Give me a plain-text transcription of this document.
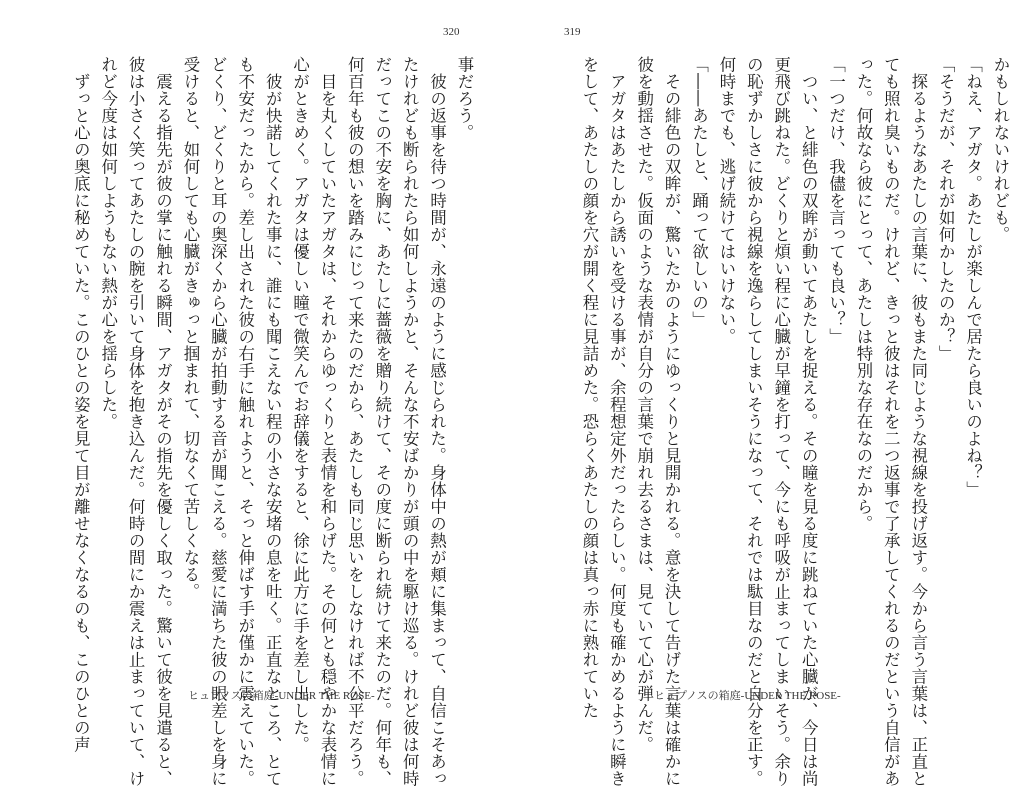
320
事だろう。
　彼の返事を待つ時間が、永遠のように感じられた。身体中の熱が頬に集まって、自信こそあっ
たけれども断られたら如何しようかと、そんな不安ばかりが頭の中を駆け巡る。けれど彼は何時
だってこの不安を胸に、あたしに薔薇を贈り続けて、その度に断られ続けて来たのだ。何年も、
何百年も彼の想いを踏みにじって来たのだから、あたしも同じ思いをしなければ不公平だろう。
　目を丸くしていたアガタは、それからゆっくりと表情を和らげた。その何とも穏やかな表情に
心がときめく。アガタは優しい瞳で微笑んでお辞儀をすると、徐に此方に手を差し出した。
　彼が快諾してくれた事に、誰にも聞こえない程の小さな安堵の息を吐く。正直なところ、とて
も不安だったから。差し出された彼の右手に触れようと、そっと伸ばす手が僅かに震えていた。
どくり、どくりと耳の奥深くから心臓が拍動する音が聞こえる。慈愛に満ちた彼の眼差しを身に
受けると、如何しても心臓がきゅっと掴まれて、切なくて苦しくなる。
　震える指先が彼の掌に触れる瞬間、アガタがその指先を優しく取った。驚いて彼を見遣ると、
彼は小さく笑ってあたしの腕を引いて身体を抱き込んだ。何時の間にか震えは止まっていて、け
れど今度は如何しようもない熱が心を揺らした。
　ずっと心の奥底に秘めていた。このひとの姿を見て目が離せなくなるのも、このひとの声	ヒュプノスの箱庭-UNDER THE ROSE-
319
かもしれないけれども。
「ねえ、アガタ。あたしが楽しんで居たら良いのよね？」
「そうだが、それが如何かしたのか？」
　探るようなあたしの言葉に、彼もまた同じような視線を投げ返す。今から言う言葉は、正直と
ても照れ臭いものだ。けれど、きっと彼はそれを二つ返事で了承してくれるのだという自信があ
った。何故なら彼にとって、あたしは特別な存在なのだから。
「一つだけ、我儘を言っても良い？」
　つい、と緋色の双眸が動いてあたしを捉える。その瞳を見る度に跳ねていた心臓が、今日は尚
更飛び跳ねた。どくりと煩い程に心臓が早鐘を打って、今にも呼吸が止まってしまいそう。余り
の恥ずかしさに彼から視線を逸らしてしまいそうになって、それでは駄目なのだと自分を正す。
何時までも、逃げ続けてはいけない。
「――あたしと、踊って欲しいの」
　その緋色の双眸が、驚いたかのようにゆっくりと見開かれる。意を決して告げた言葉は確かに
彼を動揺させた。仮面のような表情が自分の言葉で崩れ去るさまは、見ていて心が弾んだ。
　アガタはあたしから誘いを受ける事が、余程想定外だったらしい。何度も確かめるように瞬き
をして、あたしの顔を穴が開く程に見詰めた。恐らくあたしの顔は真っ赤に熟れていた	ヒュプノスの箱庭-UNDER THE ROSE-
